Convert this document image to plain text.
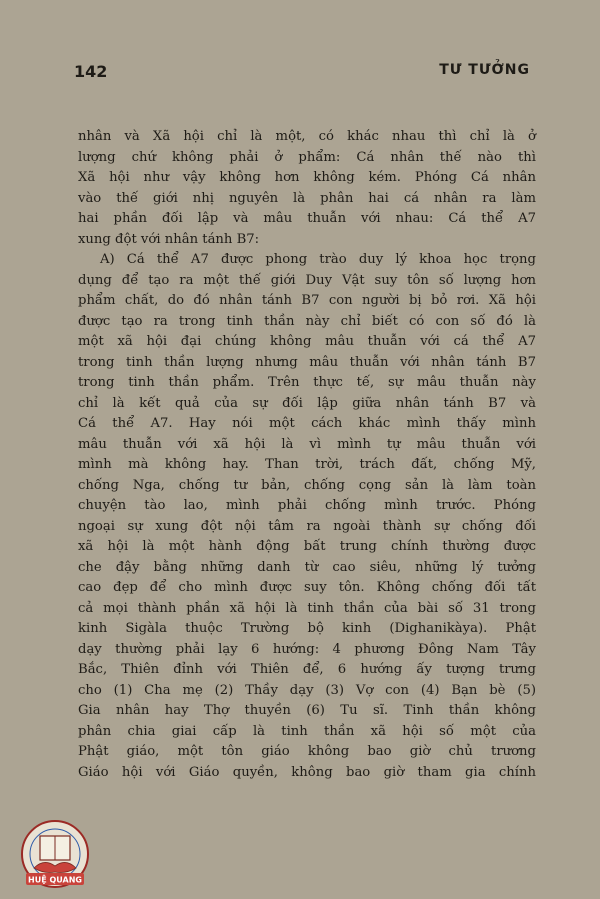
142	TƯ TƯỞNG
nhân và Xã hội chỉ là một, có khác nhau thì chỉ là ở
lượng chứ không phải ở phẩm: Cá nhân thế nào thì
Xã hội như vậy không hơn không kém. Phóng Cá nhân
vào thế giới nhị nguyên là phân hai cá nhân ra làm
hai phần đối lập và mâu thuẫn với nhau: Cá thể A7
xung đột với nhân tánh B7:
A) Cá thể A7 được phong trào duy lý khoa học trọng
dụng để tạo ra một thế giới Duy Vật suy tôn số lượng hơn
phẩm chất, do đó nhân tánh B7 con người bị bỏ rơi. Xã hội
được tạo ra trong tinh thần này chỉ biết có con số đó là
một xã hội đại chúng không mâu thuẫn với cá thể A7
trong tinh thần lượng nhưng mâu thuẫn với nhân tánh B7
trong tinh thần phẩm. Trên thực tế, sự mâu thuẫn này
chỉ là kết quả của sự đối lập giữa nhân tánh B7 và
Cá thể A7. Hay nói một cách khác mình thấy mình
mâu thuẫn với xã hội là vì mình tự mâu thuẫn với
mình mà không hay. Than trời, trách đất, chống Mỹ,
chống Nga, chống tư bản, chống cọng sản là làm toàn
chuyện tào lao, mình phải chống mình trước. Phóng
ngoại sự xung đột nội tâm ra ngoài thành sự chống đối
xã hội là một hành động bất trung chính thường được
che đậy bằng những danh từ cao siêu, những lý tưởng
cao đẹp để cho mình được suy tôn. Không chống đối tất
cả mọi thành phần xã hội là tinh thần của bài số 31 trong
kinh Sigàla thuộc Trường bộ kinh (Dighanikàya). Phật
dạy thường phải lạy 6 hướng: 4 phương Đông Nam Tây
Bắc, Thiên đỉnh với Thiên để, 6 hướng ấy tượng trưng
cho (1) Cha mẹ (2) Thầy dạy (3) Vợ con (4) Bạn bè (5)
Gia nhân hay Thợ thuyền (6) Tu sĩ. Tinh thần không
phân chia giai cấp là tinh thần xã hội số một của
Phật giáo, một tôn giáo không bao giờ chủ trương
Giáo hội với Giáo quyền, không bao giờ tham gia chính
HUỆ QUANG
